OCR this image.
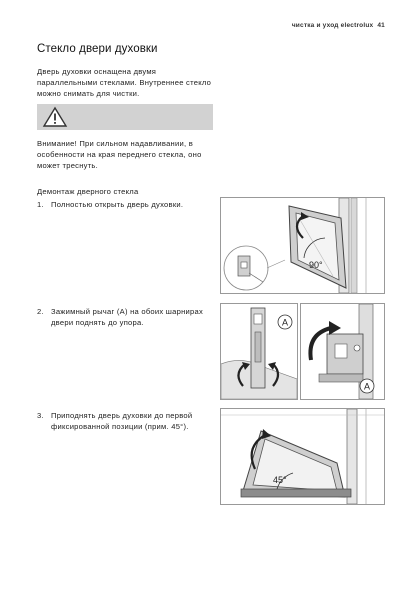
чистка и уход electrolux 41
Стекло двери духовки
Дверь духовки оснащена двумя параллельными стеклами. Внутреннее стекло можно снимать для чистки.
Внимание! При сильном надавливании, в особенности на края переднего стекла, оно может треснуть.
Демонтаж дверного стекла
1. Полностью открыть дверь духовки.
2. Зажимный рычаг (A) на обоих шарнирах двери поднять до упора.
3. Приподнять дверь духовки до первой фиксированной позиции (прим. 45°).
90°
A
A
45°
